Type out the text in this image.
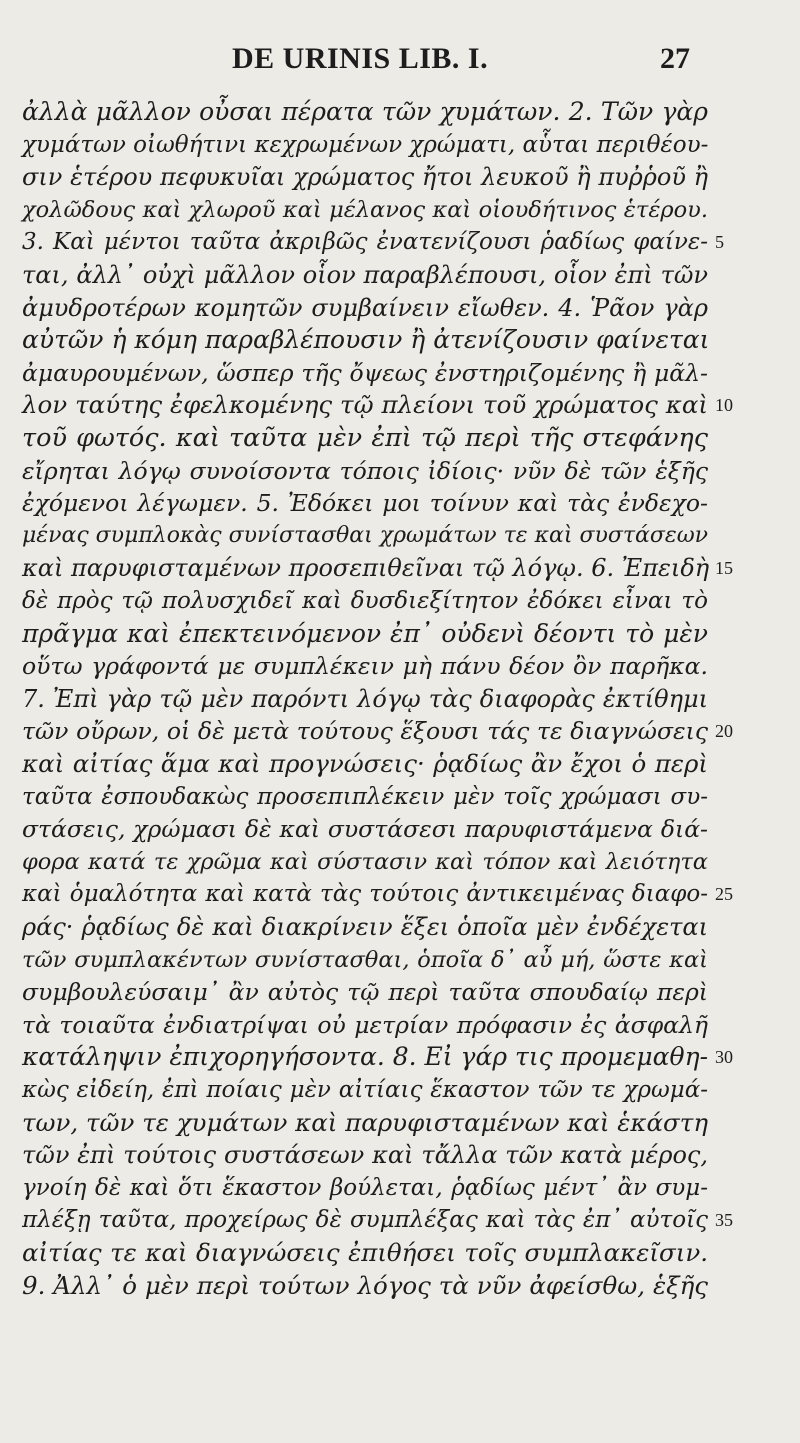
DE URINIS LIB. I.	27
ἀλλὰ μᾶλλον οὖσαι πέρατα τῶν χυμάτων. 2. Τῶν γὰρ
χυμάτων οἰωθήτινι κεχρωμένων χρώματι, αὗται περιθέου-
σιν ἑτέρου πεφυκυῖαι χρώματος ἤτοι λευκοῦ ἢ πυῤῥοῦ ἢ
χολῶδους καὶ χλωροῦ καὶ μέλανος καὶ οἱουδήτινος ἑτέρου.
3. Καὶ μέντοι ταῦτα ἀκριβῶς ἐνατενίζουσι ῥαδίως φαίνε- 5
ται, ἀλλ᾿ οὐχὶ μᾶλλον οἷον παραβλέπουσι, οἷον ἐπὶ τῶν
ἀμυδροτέρων κομητῶν συμβαίνειν εἴωθεν. 4. Ῥᾶον γὰρ
αὐτῶν ἡ κόμη παραβλέπουσιν ἢ ἀτενίζουσιν φαίνεται
ἀμαυρουμένων, ὥσπερ τῆς ὄψεως ἐνστηριζομένης ἢ μᾶλ-
λον ταύτης ἐφελκομένης τῷ πλείονι τοῦ χρώματος καὶ 10
τοῦ φωτός. καὶ ταῦτα μὲν ἐπὶ τῷ περὶ τῆς στεφάνης
εἴρηται λόγῳ συνοίσοντα τόποις ἰδίοις· νῦν δὲ τῶν ἑξῆς
ἐχόμενοι λέγωμεν. 5. Ἐδόκει μοι τοίνυν καὶ τὰς ἐνδεχο-
μένας συμπλοκὰς συνίστασθαι χρωμάτων τε καὶ συστάσεων
καὶ παρυφισταμένων προσεπιθεῖναι τῷ λόγῳ. 6. Ἐπειδὴ 15
δὲ πρὸς τῷ πολυσχιδεῖ καὶ δυσδιεξίτητον ἐδόκει εἶναι τὸ
πρᾶγμα καὶ ἐπεκτεινόμενον ἐπ᾿ οὐδενὶ δέοντι τὸ μὲν
οὕτω γράφοντά με συμπλέκειν μὴ πάνυ δέον ὂν παρῆκα.
7. Ἐπὶ γὰρ τῷ μὲν παρόντι λόγῳ τὰς διαφορὰς ἐκτίθημι
τῶν οὔρων, οἱ δὲ μετὰ τούτους ἕξουσι τάς τε διαγνώσεις 20
καὶ αἰτίας ἅμα καὶ προγνώσεις· ῥᾳδίως ἂν ἔχοι ὁ περὶ
ταῦτα ἐσπουδακὼς προσεπιπλέκειν μὲν τοῖς χρώμασι συ-
στάσεις, χρώμασι δὲ καὶ συστάσεσι παρυφιστάμενα διά-
φορα κατά τε χρῶμα καὶ σύστασιν καὶ τόπον καὶ λειότητα
καὶ ὁμαλότητα καὶ κατὰ τὰς τούτοις ἀντικειμένας διαφο- 25
ράς· ῥᾳδίως δὲ καὶ διακρίνειν ἕξει ὁποῖα μὲν ἐνδέχεται
τῶν συμπλακέντων συνίστασθαι, ὁποῖα δ᾿ αὖ μή, ὥστε καὶ
συμβουλεύσαιμ᾿ ἂν αὐτὸς τῷ περὶ ταῦτα σπουδαίῳ περὶ
τὰ τοιαῦτα ἐνδιατρίψαι οὐ μετρίαν πρόφασιν ἐς ἀσφαλῆ
κατάληψιν ἐπιχορηγήσοντα. 8. Εἰ γάρ τις προμεμαθη- 30
κὼς εἰδείη, ἐπὶ ποίαις μὲν αἰτίαις ἕκαστον τῶν τε χρωμά-
των, τῶν τε χυμάτων καὶ παρυφισταμένων καὶ ἑκάστη
τῶν ἐπὶ τούτοις συστάσεων καὶ τἄλλα τῶν κατὰ μέρος,
γνοίη δὲ καὶ ὅτι ἕκαστον βούλεται, ῥᾳδίως μέντ᾿ ἂν συμ-
πλέξῃ ταῦτα, προχείρως δὲ συμπλέξας καὶ τὰς ἐπ᾿ αὐτοῖς 35
αἰτίας τε καὶ διαγνώσεις ἐπιθήσει τοῖς συμπλακεῖσιν.
9. Ἀλλ᾿ ὁ μὲν περὶ τούτων λόγος τὰ νῦν ἀφείσθω, ἑξῆς
